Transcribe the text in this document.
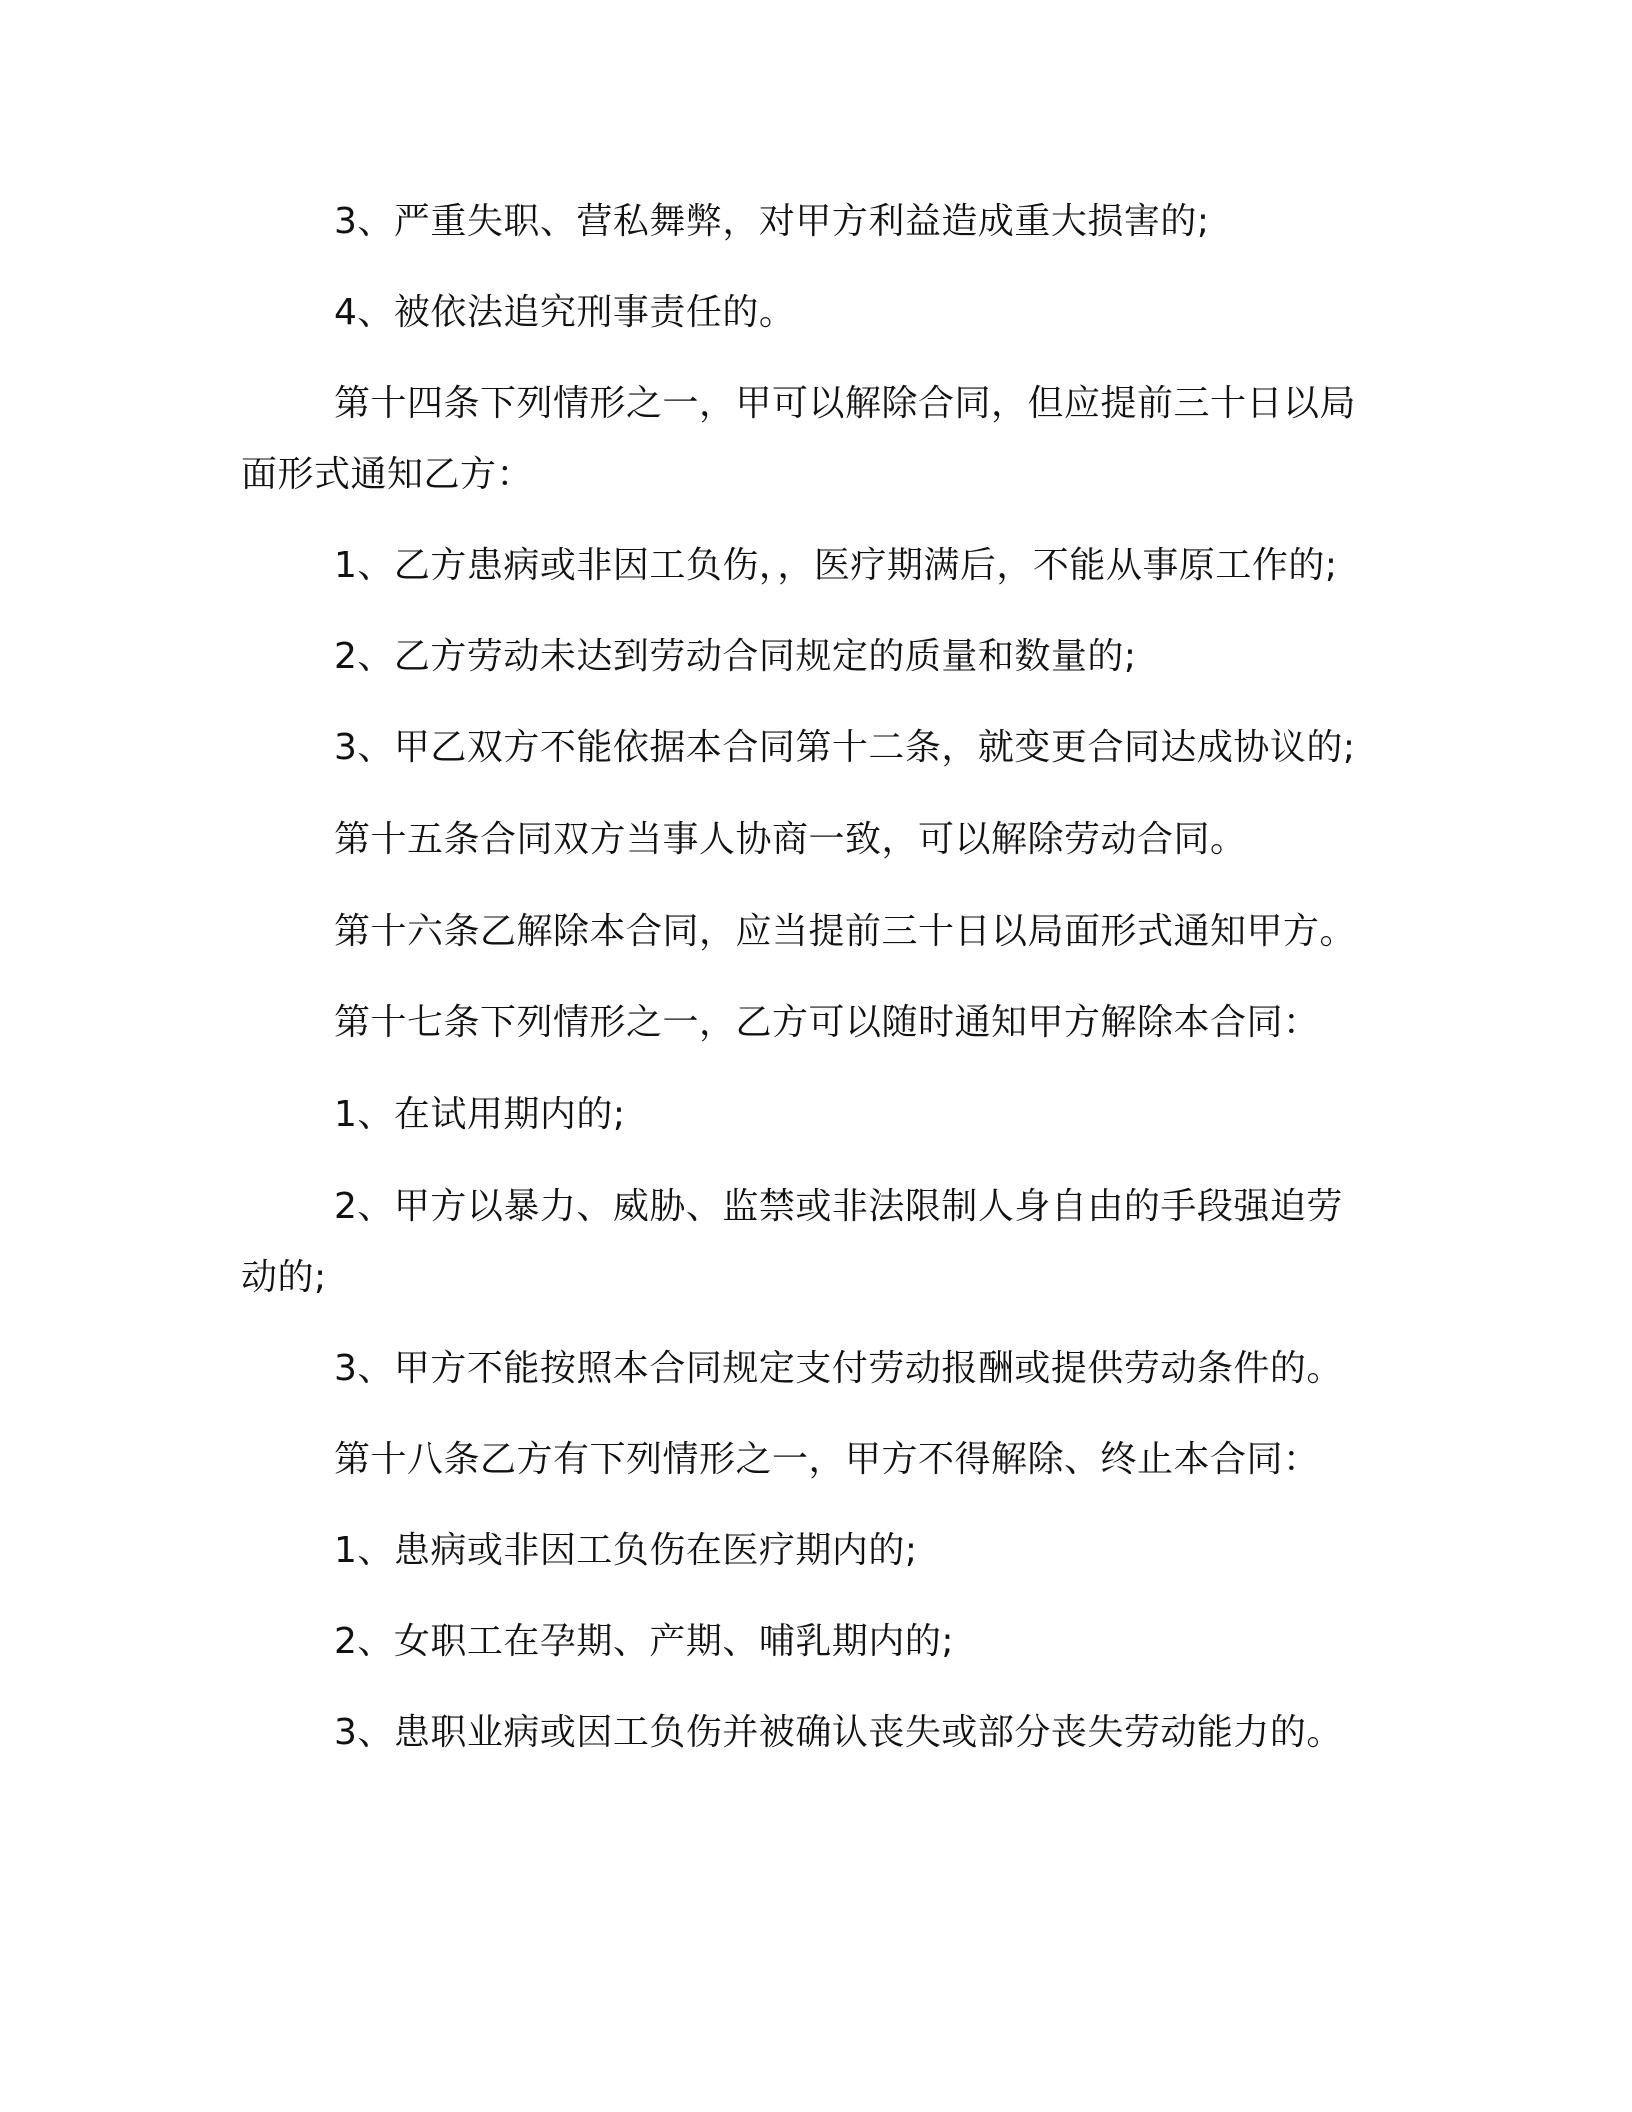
3、严重失职、营私舞弊，对甲方利益造成重大损害的;
4、被依法追究刑事责任的。
第十四条下列情形之一，甲可以解除合同，但应提前三十日以局
面形式通知乙方：
1、乙方患病或非因工负伤，，医疗期满后，不能从事原工作的;
2、乙方劳动未达到劳动合同规定的质量和数量的;
3、甲乙双方不能依据本合同第十二条，就变更合同达成协议的;
第十五条合同双方当事人协商一致，可以解除劳动合同。
第十六条乙解除本合同，应当提前三十日以局面形式通知甲方。
第十七条下列情形之一，乙方可以随时通知甲方解除本合同：
1、在试用期内的;
2、甲方以暴力、威胁、监禁或非法限制人身自由的手段强迫劳
动的;
3、甲方不能按照本合同规定支付劳动报酬或提供劳动条件的。
第十八条乙方有下列情形之一，甲方不得解除、终止本合同：
1、患病或非因工负伤在医疗期内的;
2、女职工在孕期、产期、哺乳期内的;
3、患职业病或因工负伤并被确认丧失或部分丧失劳动能力的。
